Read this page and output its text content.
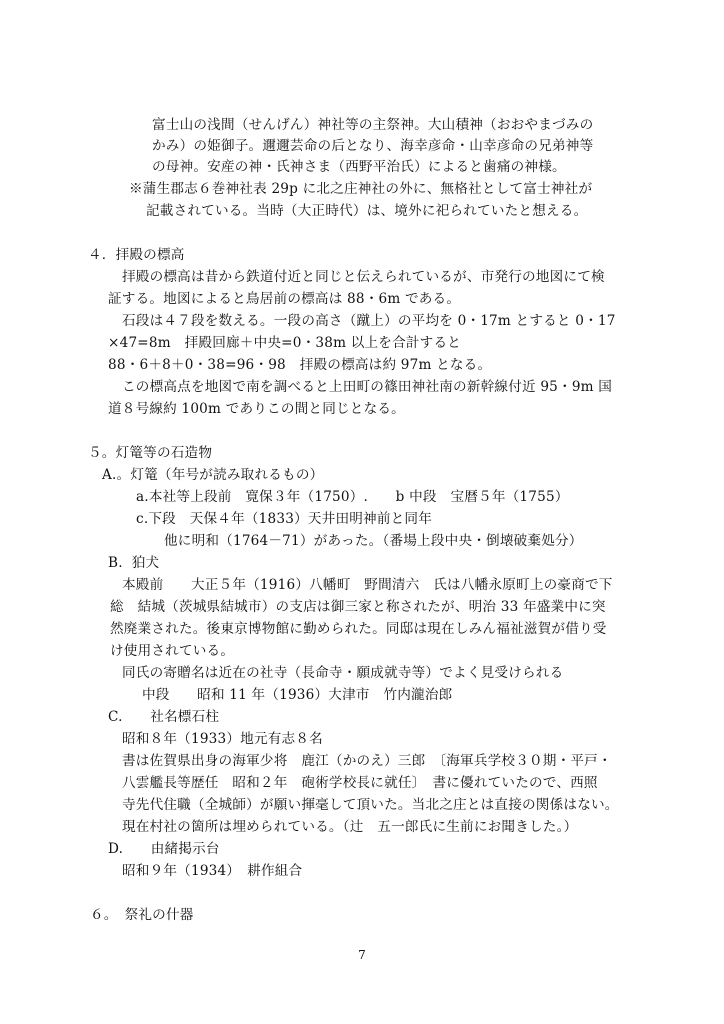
富士山の浅間（せんげん）神社等の主祭神。大山積神（おおやまづみの
かみ）の姫御子。邇邇芸命の后となり、海幸彦命・山幸彦命の兄弟神等
の母神。安産の神・氏神さま（西野平治氏）によると歯痛の神様。
※蒲生郡志６巻神社表 29p に北之庄神社の外に、無格社として富士神社が
記載されている。当時（大正時代）は、境外に祀られていたと想える。
４．拝殿の標高
拝殿の標高は昔から鉄道付近と同じと伝えられているが、市発行の地図にて検
証する。地図によると鳥居前の標高は 88・6m である。
石段は４７段を数える。一段の高さ（蹴上）の平均を 0・17m とすると 0・17
×47=8m　拝殿回廊＋中央=0・38m 以上を合計すると
88・6＋8＋0・38=96・98　拝殿の標高は約 97m となる。
この標高点を地図で南を調べると上田町の篠田神社南の新幹線付近 95・9m 国
道８号線約 100m でありこの間と同じとなる。
５。灯篭等の石造物
A.。灯篭（年号が読み取れるもの）
a.本社等上段前　寛保３年（1750）.　　b 中段　宝暦５年（1755）
c.下段　天保４年（1833）天井田明神前と同年
他に明和（1764－71）があった。（番場上段中央・倒壊破棄処分）
B.  狛犬
本殿前　　大正５年（1916）八幡町　野間清六　氏は八幡永原町上の豪商で下
総　結城（茨城県結城市）の支店は御三家と称されたが、明治 33 年盛業中に突
然廃業された。後東京博物館に勤められた。同邸は現在しみん福祉滋賀が借り受
け使用されている。
同氏の寄贈名は近在の社寺（長命寺・願成就寺等）でよく見受けられる
中段　　昭和 11 年（1936）大津市　竹内瀧治郎
C.　　社名標石柱
昭和８年（1933）地元有志８名
書は佐賀県出身の海軍少将　鹿江（かのえ）三郎　〔海軍兵学校３０期・平戸・
八雲艦長等歴任　昭和２年　砲術学校長に就任〕　書に優れていたので、西照
寺先代住職（全城師）が願い揮毫して頂いた。当北之庄とは直接の関係はない。
現在村社の箇所は埋められている。（辻　五一郎氏に生前にお聞きした。）
D.　　由緒掲示台
昭和９年（1934）　耕作組合
６。　祭礼の什器
7
